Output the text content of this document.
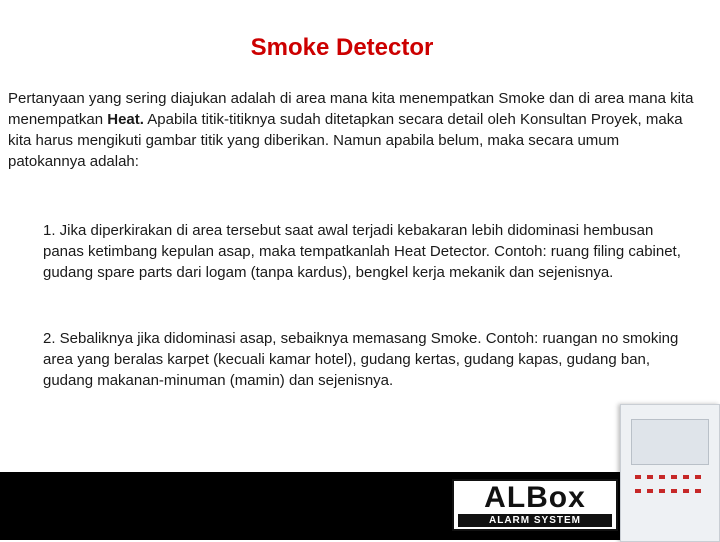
Smoke Detector

Pertanyaan yang sering diajukan adalah di area mana kita menempatkan Smoke dan di area mana kita menempatkan Heat. Apabila titik-titiknya sudah ditetapkan secara detail oleh Konsultan Proyek, maka kita harus mengikuti gambar titik yang diberikan. Namun apabila belum, maka secara umum patokannya adalah:

1. Jika diperkirakan di area tersebut saat awal terjadi kebakaran lebih didominasi hembusan panas ketimbang kepulan asap, maka tempatkanlah Heat Detector. Contoh: ruang filing cabinet, gudang spare parts dari logam (tanpa kardus), bengkel kerja mekanik dan sejenisnya.

2. Sebaliknya jika didominasi asap, sebaiknya memasang Smoke. Contoh: ruangan no smoking area yang beralas karpet (kecuali kamar hotel), gudang kertas, gudang kapas, gudang ban, gudang makanan-minuman (mamin) dan sejenisnya.

ALBox
ALARM SYSTEM
